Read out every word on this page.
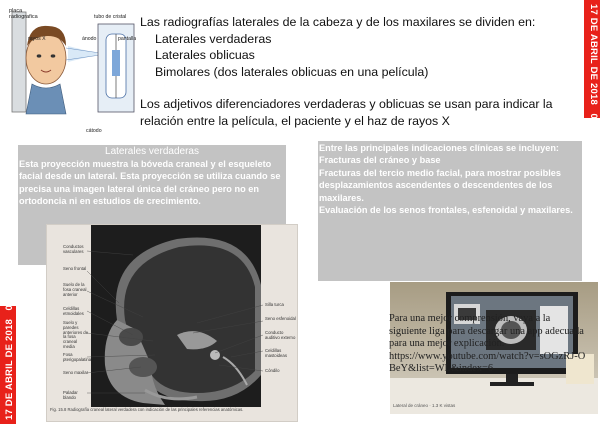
17 DE ABRIL DE 2018   07
17 DE ABRIL DE 2018   06
placa
radiografica	tubo de cristal
rayos X	ánodo	pantalla
cátodo
Las radiografías laterales de la cabeza y de los maxilares se dividen en:
Laterales verdaderas
Laterales oblicuas
Bimolares (dos laterales oblicuas en una película)
Los adjetivos diferenciadores verdaderas y oblicuas se usan para indicar la relación entre la película, el paciente y el haz de rayos X
Laterales verdaderas

Esta proyección muestra la bóveda craneal y el esqueleto facial desde un lateral. Esta proyección se utiliza cuando se precisa una imagen lateral única del cráneo pero no en ortodoncia ni en estudios de crecimiento.

Entre las principales indicaciones clínicas se incluyen:
Fracturas del cráneo y base
Fracturas del tercio medio facial, para mostrar posibles desplazamientos ascendentes o descendentes de los maxilares.
Evaluación de los senos frontales, esfenoidal y maxilares.
Conductos vasculares
Seno frontal
Suelo de la fosa craneal anterior
Celdillas etmoidales
Suelo y paredes anteriores de la fosa craneal media
Fosa pterigopalatina
Seno maxilar
Paladar blando
Silla turca
Seno esfenoidal
Conducto auditivo externo
Celdillas mastoideas
Cóndilo
Fig. 15.8 Radiografía craneal lateral verdadera con indicación de las principales referencias anatómicas.
Para una mejor comprensión, vaya a la siguiente liga para descargar una app adecuada para una mejor explicación.
https://www.youtube.com/watch?v=sOGzRJ-OBeY&list=WL&index=6
Lateral de cráneo · 1.3 K vistas
